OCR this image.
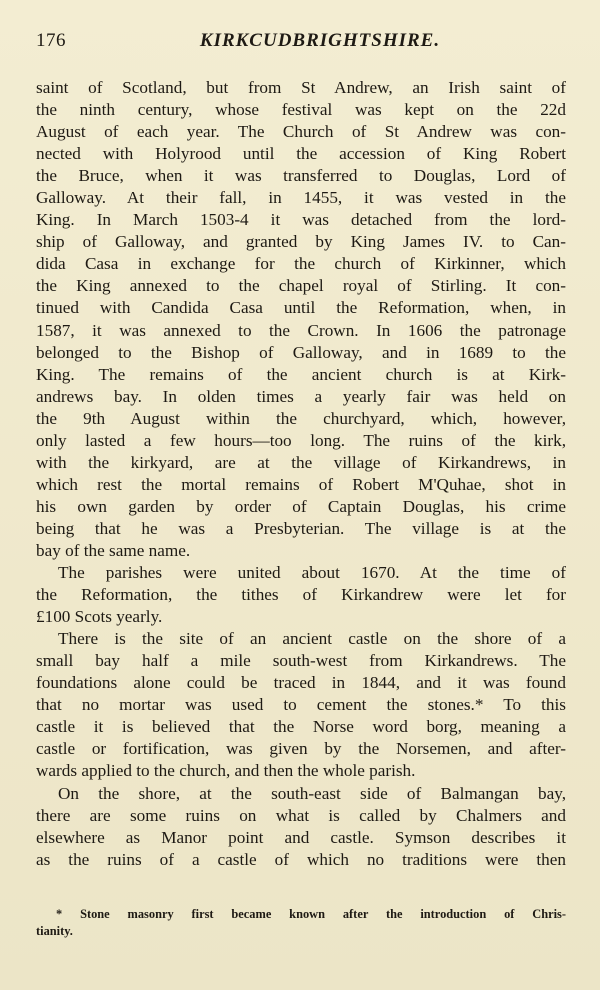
176	KIRKCUDBRIGHTSHIRE.
saint of Scotland, but from St Andrew, an Irish saint of
the ninth century, whose festival was kept on the 22d
August of each year. The Church of St Andrew was con-
nected with Holyrood until the accession of King Robert
the Bruce, when it was transferred to Douglas, Lord of
Galloway. At their fall, in 1455, it was vested in the
King. In March 1503-4 it was detached from the lord-
ship of Galloway, and granted by King James IV. to Can-
dida Casa in exchange for the church of Kirkinner, which
the King annexed to the chapel royal of Stirling. It con-
tinued with Candida Casa until the Reformation, when, in
1587, it was annexed to the Crown. In 1606 the patronage
belonged to the Bishop of Galloway, and in 1689 to the
King. The remains of the ancient church is at Kirk-
andrews bay. In olden times a yearly fair was held on
the 9th August within the churchyard, which, however,
only lasted a few hours—too long. The ruins of the kirk,
with the kirkyard, are at the village of Kirkandrews, in
which rest the mortal remains of Robert M'Quhae, shot in
his own garden by order of Captain Douglas, his crime
being that he was a Presbyterian. The village is at the
bay of the same name.
The parishes were united about 1670. At the time of
the Reformation, the tithes of Kirkandrew were let for
£100 Scots yearly.
There is the site of an ancient castle on the shore of a
small bay half a mile south-west from Kirkandrews. The
foundations alone could be traced in 1844, and it was found
that no mortar was used to cement the stones.* To this
castle it is believed that the Norse word borg, meaning a
castle or fortification, was given by the Norsemen, and after-
wards applied to the church, and then the whole parish.
On the shore, at the south-east side of Balmangan bay,
there are some ruins on what is called by Chalmers and
elsewhere as Manor point and castle. Symson describes it
as the ruins of a castle of which no traditions were then
* Stone masonry first became known after the introduction of Chris-
tianity.
